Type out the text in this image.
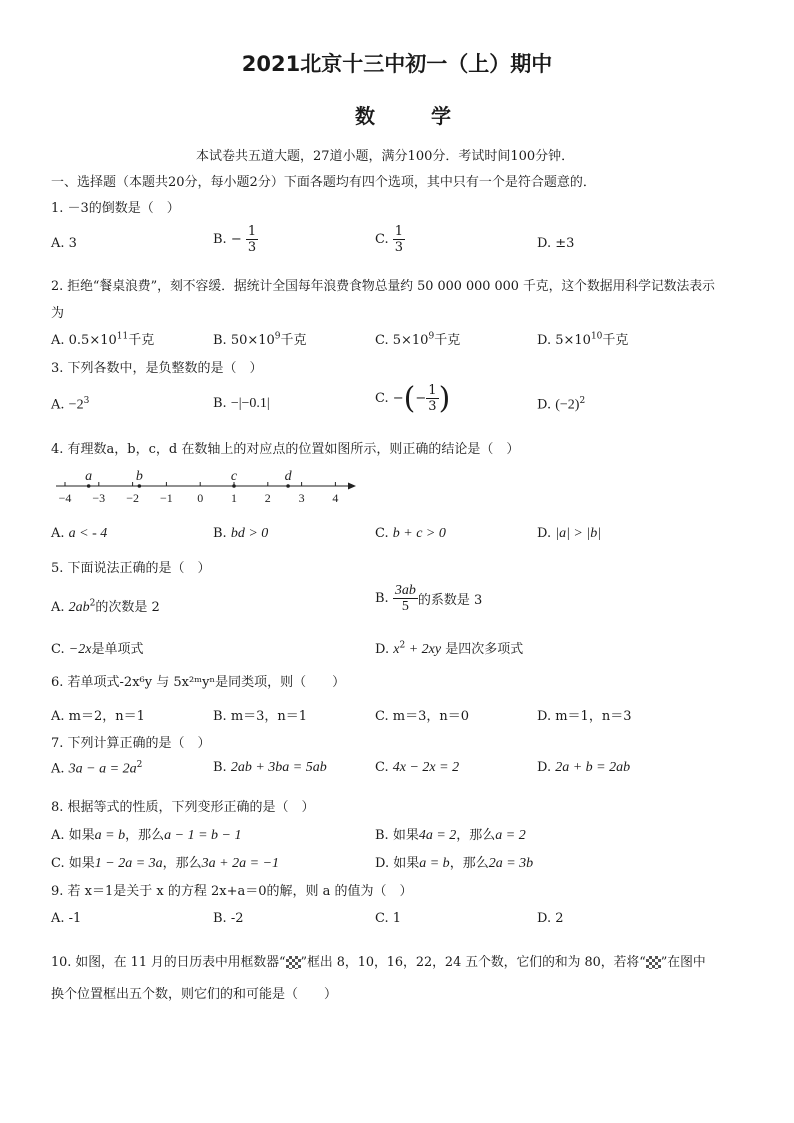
2021北京十三中初一（上）期中
数学
本试卷共五道大题，27道小题，满分100分．考试时间100分钟．
一、选择题（本题共20分，每小题2分）下面各题均有四个选项，其中只有一个是符合题意的．
1. －3的倒数是（　）
A. 3	B. − $\frac{1}{3}$	C. $\frac{1}{3}$	D. ±3
2. 拒绝“餐桌浪费”，刻不容缓．据统计全国每年浪费食物总量约 50 000 000 000 千克，这个数据用科学记数法表示
为
A. $0.5\times 10^{11}$千克	B. $50\times 10^9$千克	C. $5\times 10^9$千克	D. $5\times 10^{10}$千克
3. 下列各数中，是负整数的是（　）
A. $-2^3$	B. −|−0.1|	C. −(− $\frac{1}{3}$ )	D. $(-2)^2$
4. 有理数a，b，c，d 在数轴上的对应点的位置如图所示，则正确的结论是（　）
−4 −3 −2 −1 0 1 2 3 4
a	b	c	d
A. a < - 4	B. bd > 0	C. b + c > 0	D. |a| > |b|
5. 下面说法正确的是（　）
A. $2ab^2$的次数是 2
B. $\frac{3ab}{5}$ 的系数是 3
C. −2x是单项式	D. $x^2 + 2xy$ 是四次多项式
6. 若单项式-2x⁶y 与 5x²ᵐyⁿ是同类项，则（　　）
A. m＝2，n＝1	B. m＝3，n＝1	C. m＝3，n＝0	D. m＝1，n＝3
7. 下列计算正确的是（　）
A. $3a - a = 2a^2$	B. 2ab + 3ba = 5ab	C. 4x − 2x = 2	D. 2a + b = 2ab
8. 根据等式的性质，下列变形正确的是（　）
A. 如果a = b，那么a − 1 = b − 1	B. 如果4a = 2，那么a = 2
C. 如果1 − 2a = 3a，那么3a + 2a = −1	D. 如果a = b，那么2a = 3b
9. 若 x＝1是关于 x 的方程 2x+a＝0的解，则 a 的值为（　）
A. -1	B. -2	C. 1	D. 2
10. 如图，在 11 月的日历表中用框数器“ ”框出 8，10，16，22，24 五个数，它们的和为 80，若将“ ”在图中
换个位置框出五个数，则它们的和可能是（　　）
